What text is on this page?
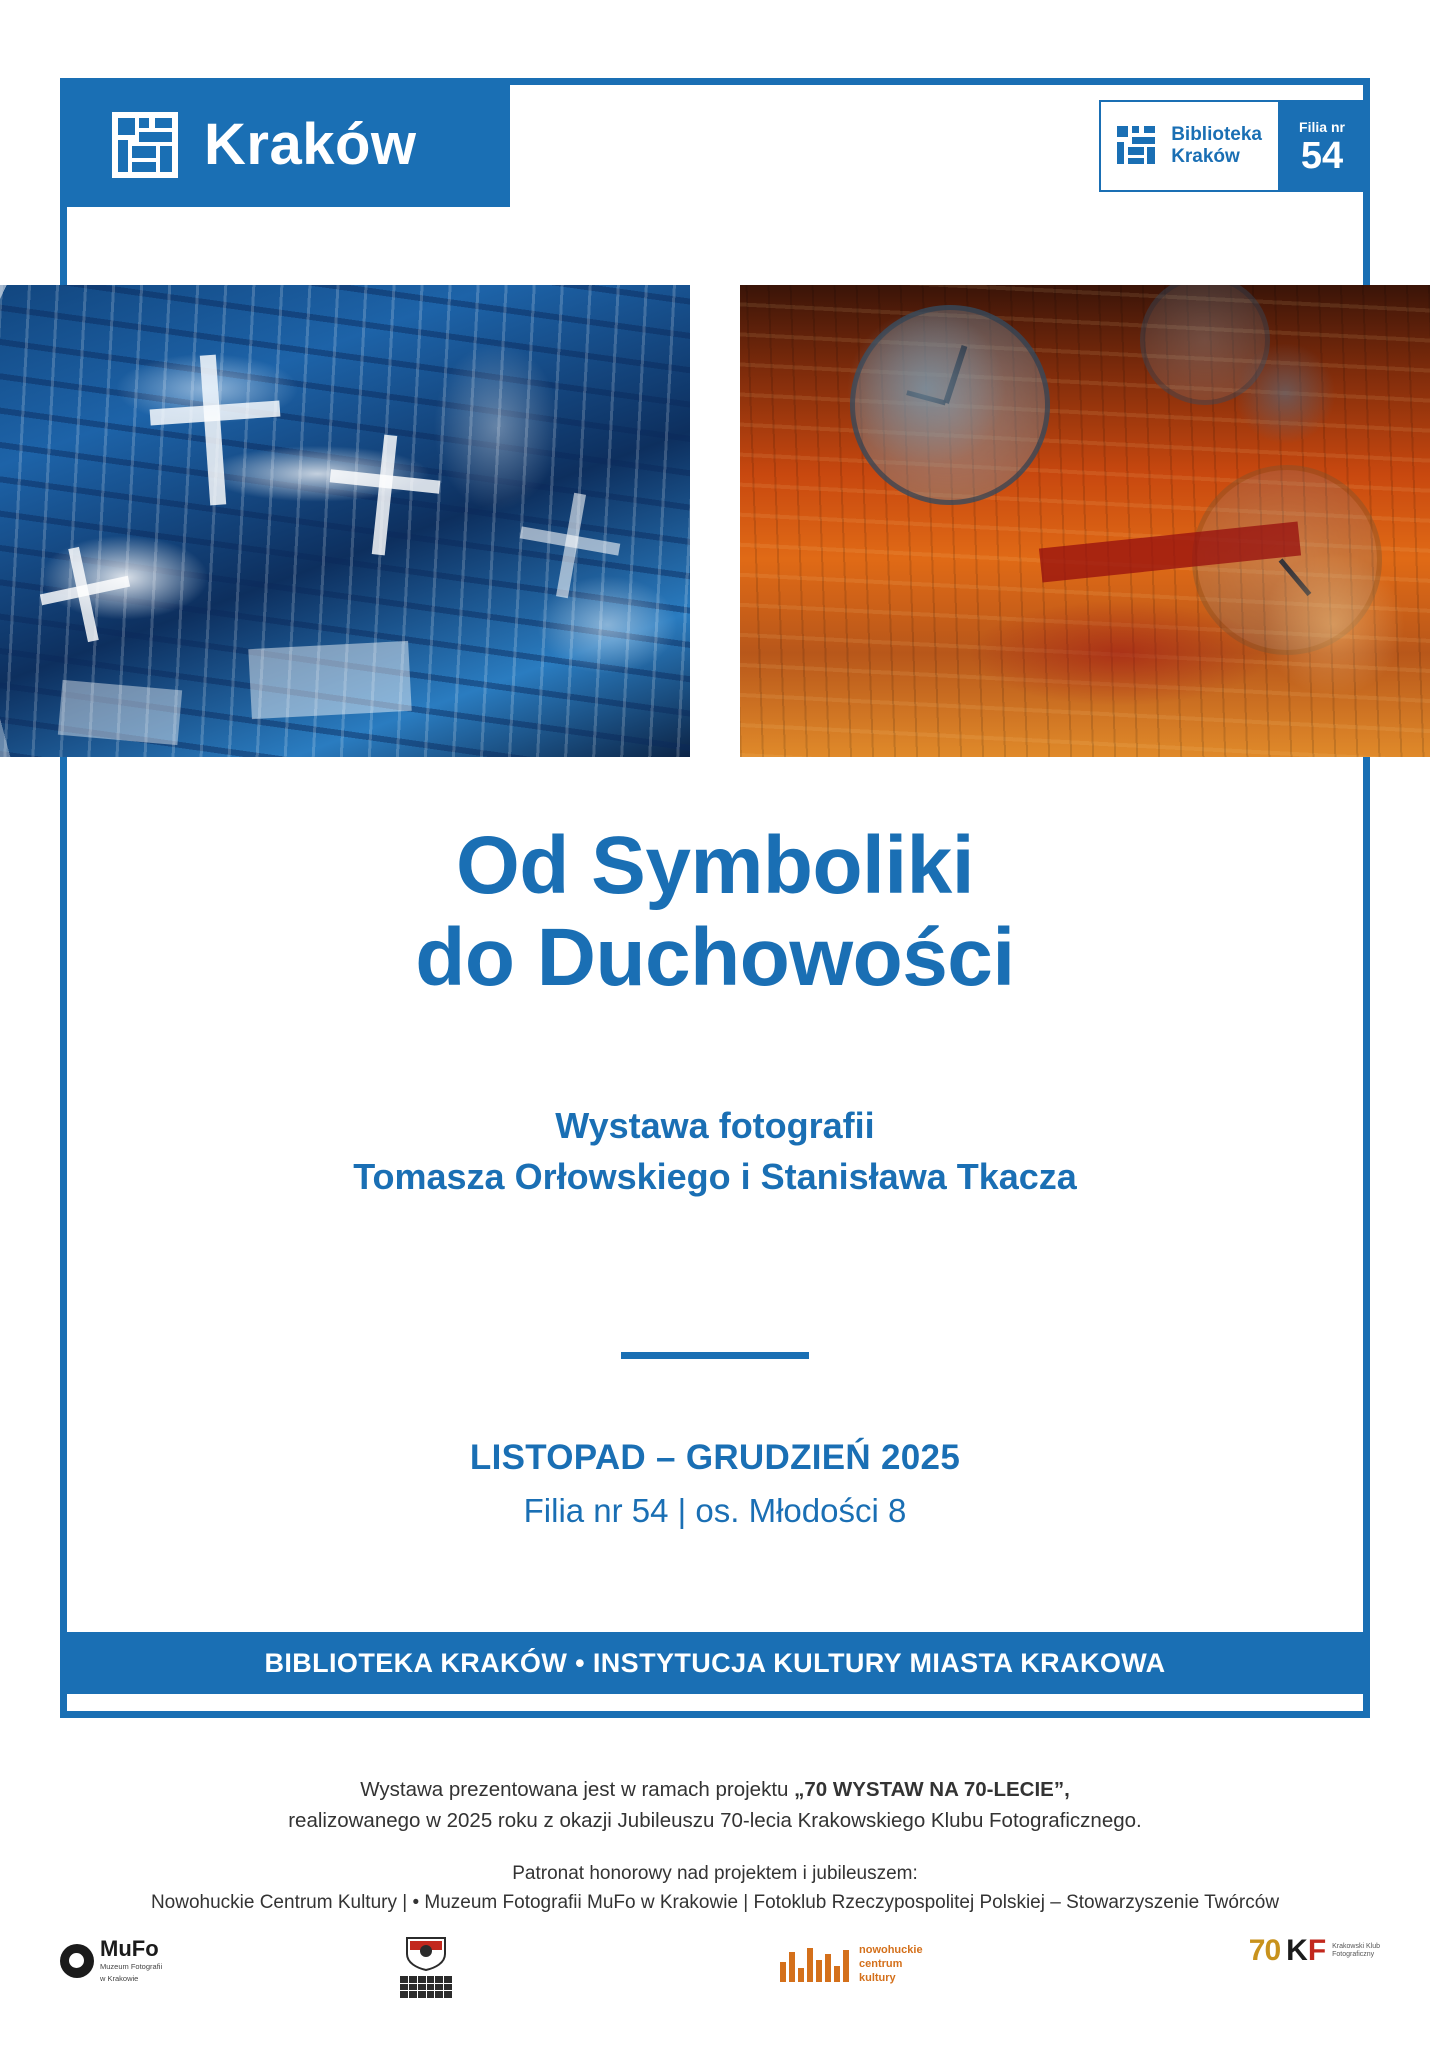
Kraków	Biblioteka
Kraków
Filia nr
54
Od Symboliki
do Duchowości
Wystawa fotografii
Tomasza Orłowskiego i Stanisława Tkacza
LISTOPAD – GRUDZIEŃ 2025
Filia nr 54 | os. Młodości 8
BIBLIOTEKA KRAKÓW • INSTYTUCJA KULTURY MIASTA KRAKOWA
Wystawa prezentowana jest w ramach projektu „70 WYSTAW NA 70-LECIE”,
realizowanego w 2025 roku z okazji Jubileuszu 70-lecia Krakowskiego Klubu Fotograficznego.
Patronat honorowy nad projektem i jubileuszem:
Nowohuckie Centrum Kultury | • Muzeum Fotografii MuFo w Krakowie | Fotoklub Rzeczypospolitej Polskiej – Stowarzyszenie Twórców
MuFo
Muzeum Fotografii
w Krakowie
nowohuckie
centrum
kultury
70 KF Krakowski Klub
Fotograficzny
